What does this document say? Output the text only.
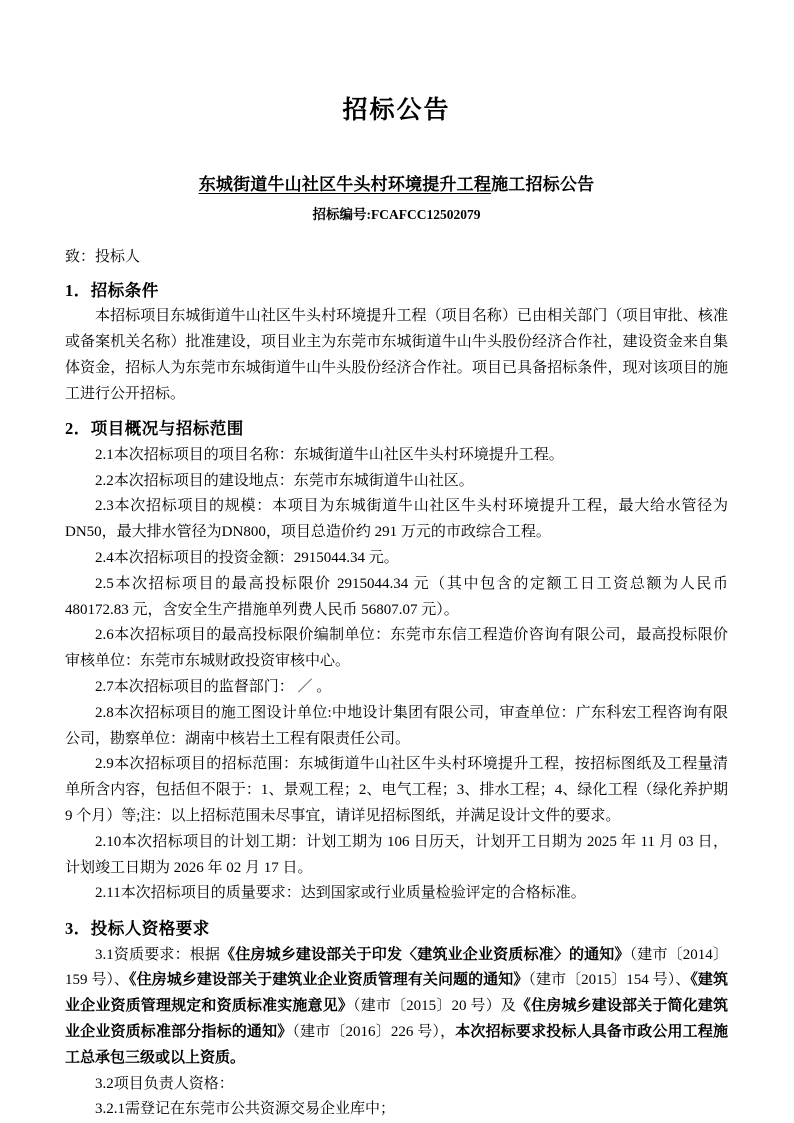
招标公告
东城街道牛山社区牛头村环境提升工程施工招标公告
招标编号:FCAFCC12502079
致：投标人
1．招标条件

本招标项目东城街道牛山社区牛头村环境提升工程（项目名称）已由相关部门（项目审批、核准或备案机关名称）批准建设，项目业主为东莞市东城街道牛山牛头股份经济合作社，建设资金来自集体资金，招标人为东莞市东城街道牛山牛头股份经济合作社。项目已具备招标条件，现对该项目的施工进行公开招标。

2．项目概况与招标范围

2.1本次招标项目的项目名称：东城街道牛山社区牛头村环境提升工程。

2.2本次招标项目的建设地点：东莞市东城街道牛山社区。

2.3本次招标项目的规模：本项目为东城街道牛山社区牛头村环境提升工程，最大给水管径为DN50，最大排水管径为DN800，项目总造价约 291 万元的市政综合工程。

2.4本次招标项目的投资金额：2915044.34 元。

2.5本次招标项目的最高投标限价 2915044.34 元（其中包含的定额工日工资总额为人民币 480172.83 元，含安全生产措施单列费人民币 56807.07 元）。

2.6本次招标项目的最高投标限价编制单位：东莞市东信工程造价咨询有限公司，最高投标限价审核单位：东莞市东城财政投资审核中心。

2.7本次招标项目的监督部门： ／ 。

2.8本次招标项目的施工图设计单位:中地设计集团有限公司，审查单位：广东科宏工程咨询有限公司，勘察单位：湖南中核岩土工程有限责任公司。

2.9本次招标项目的招标范围：东城街道牛山社区牛头村环境提升工程，按招标图纸及工程量清单所含内容，包括但不限于：1、景观工程；2、电气工程；3、排水工程；4、绿化工程（绿化养护期 9 个月）等;注：以上招标范围未尽事宜，请详见招标图纸，并满足设计文件的要求。

2.10本次招标项目的计划工期：计划工期为 106 日历天，计划开工日期为 2025 年 11 月 03 日，计划竣工日期为 2026 年 02 月 17 日。

2.11本次招标项目的质量要求：达到国家或行业质量检验评定的合格标准。

3．投标人资格要求

3.1资质要求：根据《住房城乡建设部关于印发〈建筑业企业资质标准〉的通知》（建市〔2014〕159 号）、《住房城乡建设部关于建筑业企业资质管理有关问题的通知》（建市〔2015〕154 号）、《建筑业企业资质管理规定和资质标准实施意见》（建市〔2015〕20 号）及《住房城乡建设部关于简化建筑业企业资质标准部分指标的通知》（建市〔2016〕226 号），本次招标要求投标人具备市政公用工程施工总承包三级或以上资质。

3.2项目负责人资格：

3.2.1需登记在东莞市公共资源交易企业库中；
